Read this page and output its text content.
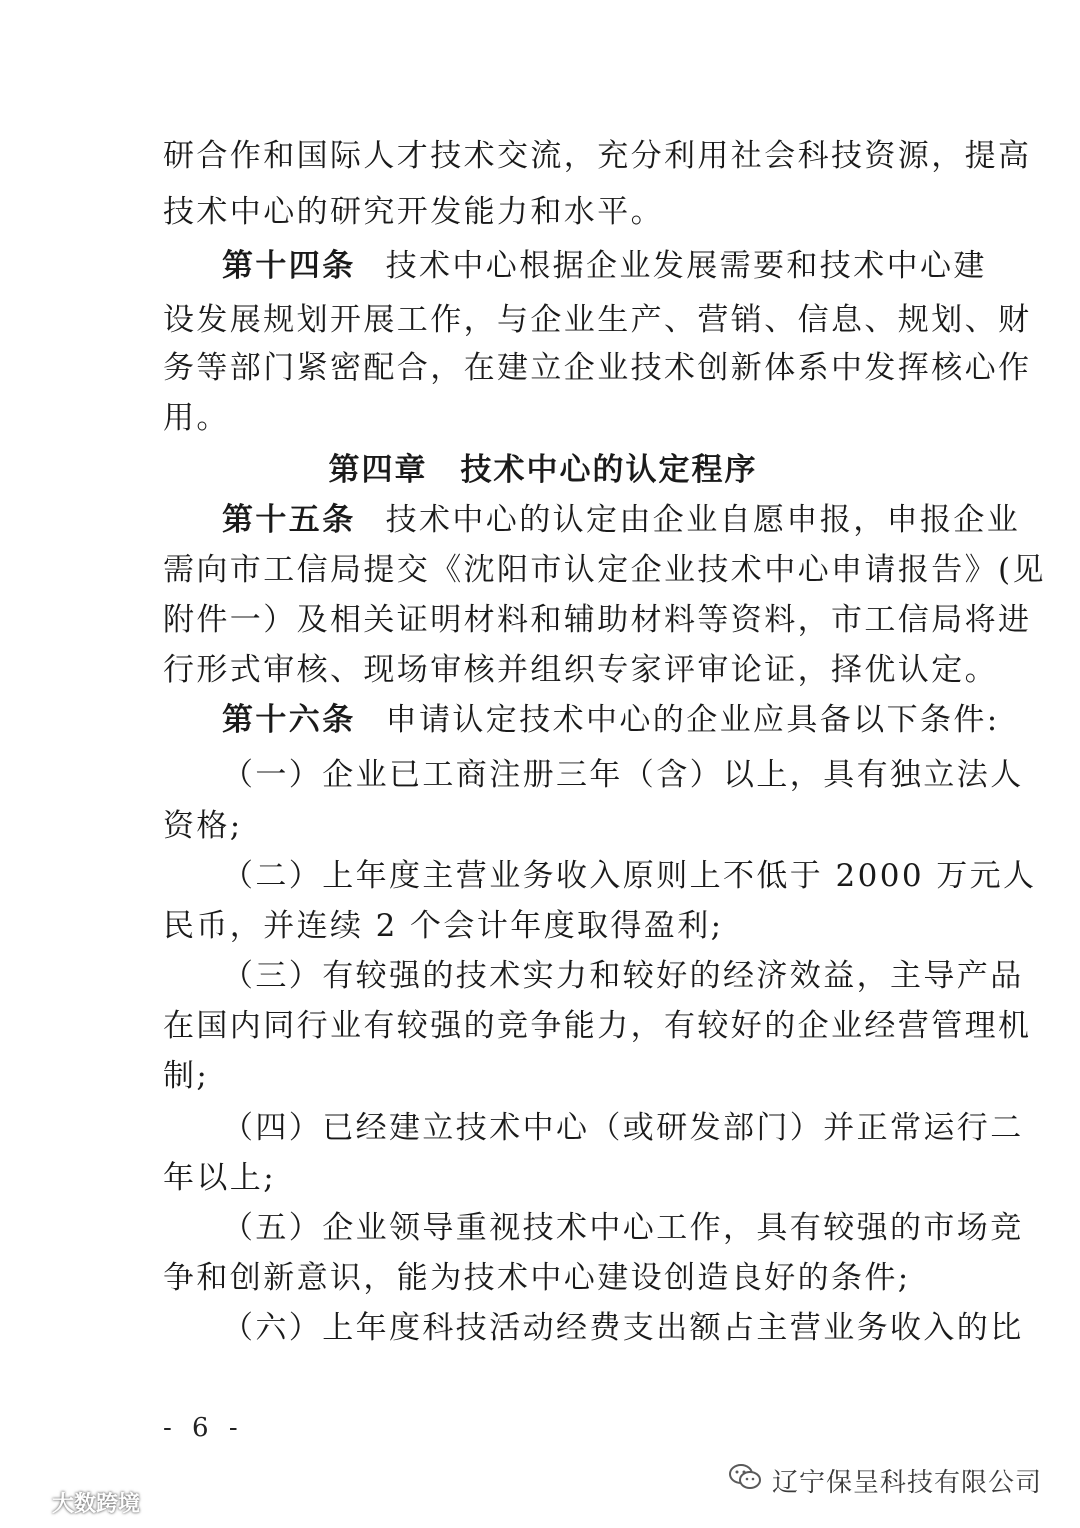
研合作和国际人才技术交流，充分利用社会科技资源，提高
技术中心的研究开发能力和水平。
第十四条 技术中心根据企业发展需要和技术中心建
设发展规划开展工作，与企业生产、营销、信息、规划、财
务等部门紧密配合，在建立企业技术创新体系中发挥核心作
用。
第四章　技术中心的认定程序
第十五条 技术中心的认定由企业自愿申报，申报企业
需向市工信局提交《沈阳市认定企业技术中心申请报告》(见
附件一）及相关证明材料和辅助材料等资料，市工信局将进
行形式审核、现场审核并组织专家评审论证，择优认定。
第十六条 申请认定技术中心的企业应具备以下条件:
（一）企业已工商注册三年（含）以上，具有独立法人
资格;
（二）上年度主营业务收入原则上不低于 2000 万元人
民币，并连续 2 个会计年度取得盈利;
（三）有较强的技术实力和较好的经济效益，主导产品
在国内同行业有较强的竞争能力，有较好的企业经营管理机
制;
（四）已经建立技术中心（或研发部门）并正常运行二
年以上;
（五）企业领导重视技术中心工作，具有较强的市场竞
争和创新意识，能为技术中心建设创造良好的条件;
（六）上年度科技活动经费支出额占主营业务收入的比
- 6 -
辽宁保呈科技有限公司
大数跨境
